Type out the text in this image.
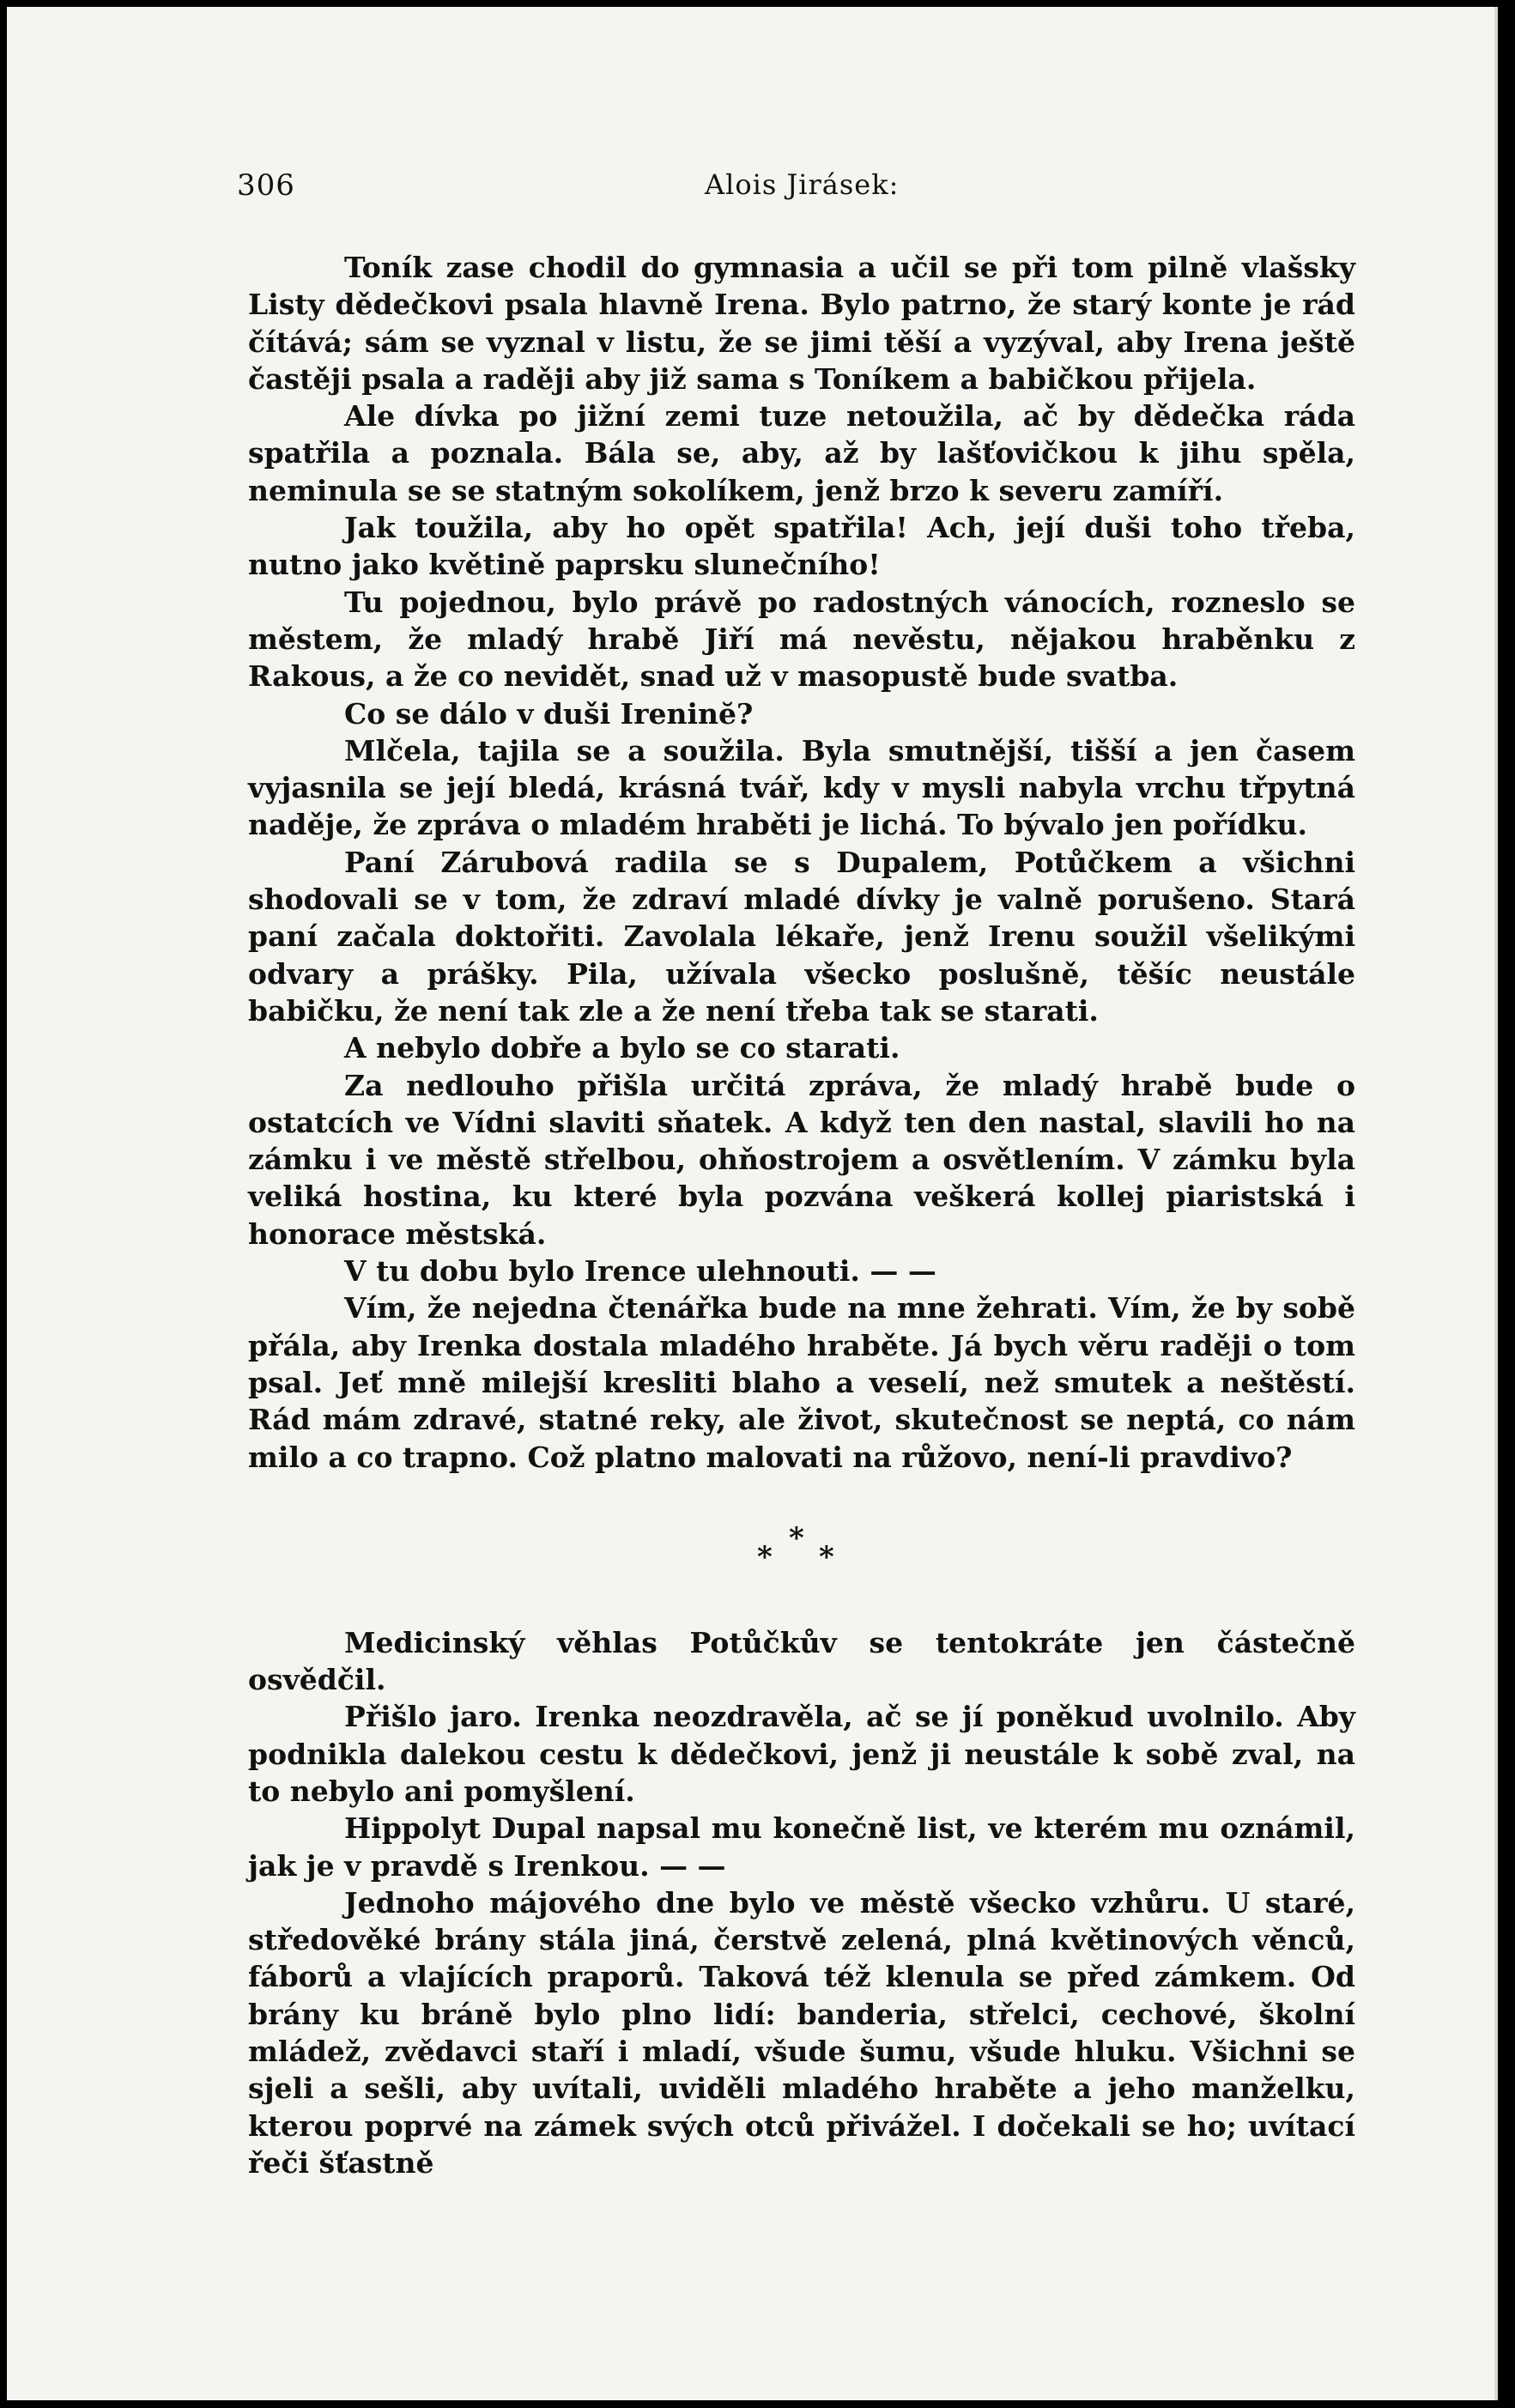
306	Alois Jirásek:

Toník zase chodil do gymnasia a učil se při tom pilně vlašsky Listy dědečkovi psala hlavně Irena. Bylo patrno, že starý konte je rád čítává; sám se vyznal v listu, že se jimi těší a vyzýval, aby Irena ještě častěji psala a raději aby již sama s Toníkem a babičkou přijela.

Ale dívka po jižní zemi tuze netoužila, ač by dědečka ráda spatřila a poznala. Bála se, aby, až by lašťovičkou k jihu spěla, neminula se se statným sokolíkem, jenž brzo k severu zamíří.

Jak toužila, aby ho opět spatřila! Ach, její duši toho třeba, nutno jako květině paprsku slunečního!

Tu pojednou, bylo právě po radostných vánocích, rozneslo se městem, že mladý hrabě Jiří má nevěstu, nějakou hraběnku z Rakous, a že co nevidět, snad už v masopustě bude svatba.

Co se dálo v duši Ireninĕ?

Mlčela, tajila se a soužila. Byla smutnější, tišší a jen časem vyjasnila se její bledá, krásná tvář, kdy v mysli nabyla vrchu třpytná naděje, že zpráva o mladém hraběti je lichá. To bývalo jen pořídku.

Paní Zárubová radila se s Dupalem, Potůčkem a všichni shodovali se v tom, že zdraví mladé dívky je valně porušeno. Stará paní začala doktořiti. Zavolala lékaře, jenž Irenu soužil všelikými odvary a prášky. Pila, užívala všecko poslušně, těšíc neustále babičku, že není tak zle a že není třeba tak se starati.

A nebylo dobře a bylo se co starati.

Za nedlouho přišla určitá zpráva, že mladý hrabě bude o ostatcích ve Vídni slaviti sňatek. A když ten den nastal, slavili ho na zámku i ve městě střelbou, ohňostrojem a osvětlením. V zámku byla veliká hostina, ku které byla pozvána veškerá kollej piaristská i honorace městská.

V tu dobu bylo Irence ulehnouti. — —

Vím, že nejedna čtenářka bude na mne žehrati. Vím, že by sobě přála, aby Irenka dostala mladého hraběte. Já bych věru raději o tom psal. Jeť mně milejší kresliti blaho a veselí, než smutek a neštěstí. Rád mám zdravé, statné reky, ale život, skutečnost se neptá, co nám milo a co trapno. Což platno malovati na růžovo, není-li pravdivo?

*
*
*

Medicinský věhlas Potůčkův se tentokráte jen částečně osvědčil.

Přišlo jaro. Irenka neozdravěla, ač se jí poněkud uvolnilo. Aby podnikla dalekou cestu k dědečkovi, jenž ji neustále k sobě zval, na to nebylo ani pomyšlení.

Hippolyt Dupal napsal mu konečně list, ve kterém mu oznámil, jak je v pravdě s Irenkou. — —

Jednoho májového dne bylo ve městě všecko vzhůru. U staré, středověké brány stála jiná, čerstvě zelená, plná květinových věnců, fáborů a vlajících praporů. Taková též klenula se před zámkem. Od brány ku bráně bylo plno lidí: banderia, střelci, cechové, školní mládež, zvědavci staří i mladí, všude šumu, všude hluku. Všichni se sjeli a sešli, aby uvítali, uviděli mladého hraběte a jeho manželku, kterou poprvé na zámek svých otců přivážel. I dočekali se ho; uvítací řeči šťastně
